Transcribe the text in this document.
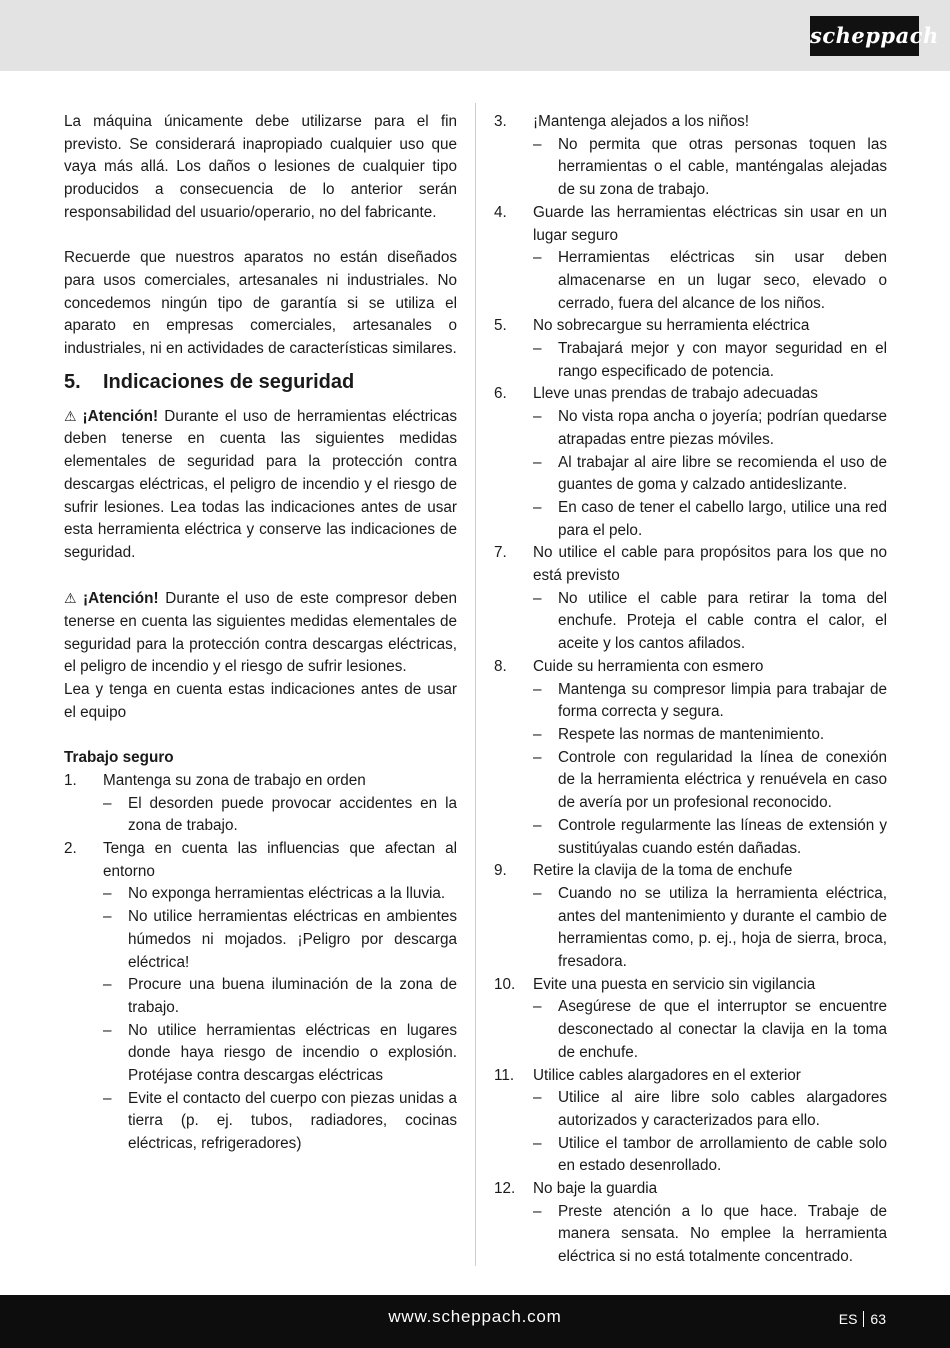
scheppach

La máquina únicamente debe utilizarse para el fin previsto. Se considerará inapropiado cualquier uso que vaya más allá. Los daños o lesiones de cualquier tipo producidos a consecuencia de lo anterior serán responsabilidad del usuario/operario, no del fabricante.

Recuerde que nuestros aparatos no están diseñados para usos comerciales, artesanales ni industriales. No concedemos ningún tipo de garantía si se utiliza el aparato en empresas comerciales, artesanales o industriales, ni en actividades de características similares.

5. Indicaciones de seguridad

⚠ ¡Atención! Durante el uso de herramientas eléctricas deben tenerse en cuenta las siguientes medidas elementales de seguridad para la protección contra descargas eléctricas, el peligro de incendio y el riesgo de sufrir lesiones. Lea todas las indicaciones antes de usar esta herramienta eléctrica y conserve las indicaciones de seguridad.

⚠ ¡Atención! Durante el uso de este compresor deben tenerse en cuenta las siguientes medidas elementales de seguridad para la protección contra descargas eléctricas, el peligro de incendio y el riesgo de sufrir lesiones.

Lea y tenga en cuenta estas indicaciones antes de usar el equipo

Trabajo seguro
1. Mantenga su zona de trabajo en orden
– El desorden puede provocar accidentes en la zona de trabajo.
2. Tenga en cuenta las influencias que afectan al entorno
– No exponga herramientas eléctricas a la lluvia.
– No utilice herramientas eléctricas en ambientes húmedos ni mojados. ¡Peligro por descarga eléctrica!
– Procure una buena iluminación de la zona de trabajo.
– No utilice herramientas eléctricas en lugares donde haya riesgo de incendio o explosión. Protéjase contra descargas eléctricas
– Evite el contacto del cuerpo con piezas unidas a tierra (p. ej. tubos, radiadores, cocinas eléctricas, refrigeradores)
3. ¡Mantenga alejados a los niños!
– No permita que otras personas toquen las herramientas o el cable, manténgalas alejadas de su zona de trabajo.
4. Guarde las herramientas eléctricas sin usar en un lugar seguro
– Herramientas eléctricas sin usar deben almacenarse en un lugar seco, elevado o cerrado, fuera del alcance de los niños.
5. No sobrecargue su herramienta eléctrica
– Trabajará mejor y con mayor seguridad en el rango especificado de potencia.
6. Lleve unas prendas de trabajo adecuadas
– No vista ropa ancha o joyería; podrían quedarse atrapadas entre piezas móviles.
– Al trabajar al aire libre se recomienda el uso de guantes de goma y calzado antideslizante.
– En caso de tener el cabello largo, utilice una red para el pelo.
7. No utilice el cable para propósitos para los que no está previsto
– No utilice el cable para retirar la toma del enchufe. Proteja el cable contra el calor, el aceite y los cantos afilados.
8. Cuide su herramienta con esmero
– Mantenga su compresor limpia para trabajar de forma correcta y segura.
– Respete las normas de mantenimiento.
– Controle con regularidad la línea de conexión de la herramienta eléctrica y renuévela en caso de avería por un profesional reconocido.
– Controle regularmente las líneas de extensión y sustitúyalas cuando estén dañadas.
9. Retire la clavija de la toma de enchufe
– Cuando no se utiliza la herramienta eléctrica, antes del mantenimiento y durante el cambio de herramientas como, p. ej., hoja de sierra, broca, fresadora.
10. Evite una puesta en servicio sin vigilancia
– Asegúrese de que el interruptor se encuentre desconectado al conectar la clavija en la toma de enchufe.
11. Utilice cables alargadores en el exterior
– Utilice al aire libre solo cables alargadores autorizados y caracterizados para ello.
– Utilice el tambor de arrollamiento de cable solo en estado desenrollado.
12. No baje la guardia
– Preste atención a lo que hace. Trabaje de manera sensata. No emplee la herramienta eléctrica si no está totalmente concentrado.
www.scheppach.com	ES 63
